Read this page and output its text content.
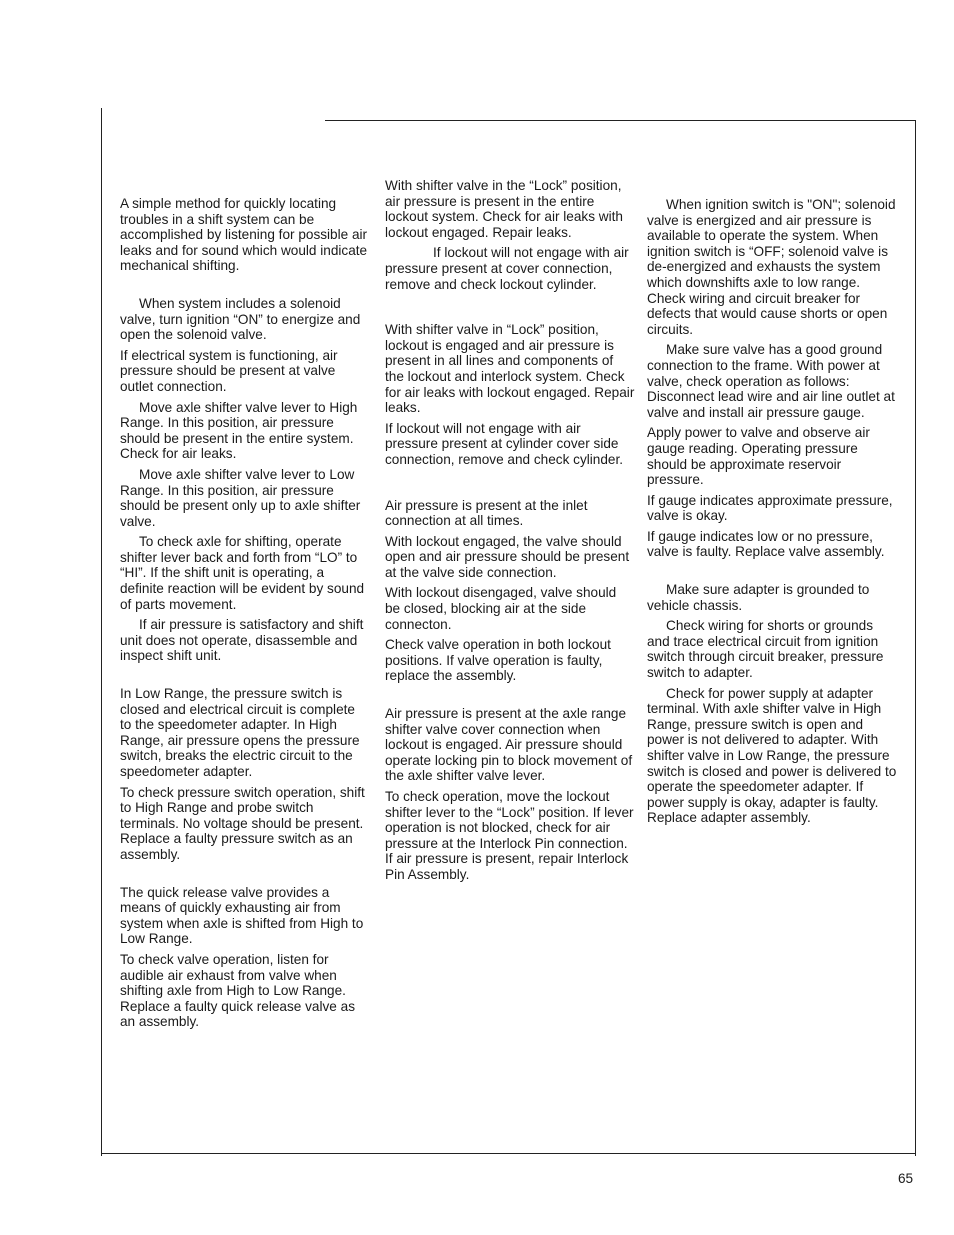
A simple method for quickly locating troubles in a shift system can be accomplished by listening for possible air leaks and for sound which would indicate mechanical shifting.

When system includes a solenoid valve, turn ignition “ON” to energize and open the solenoid valve.

If electrical system is functioning, air pressure should be present at valve outlet connection.

Move axle shifter valve lever to High Range. In this position, air pressure should be present in the entire system. Check for air leaks.

Move axle shifter valve lever to Low Range. In this position, air pressure should be present only up to axle shifter valve.

To check axle for shifting, operate shifter lever back and forth from “LO” to “HI”. If the shift unit is operating, a definite reaction will be evident by sound of parts movement.

If air pressure is satisfactory and shift unit does not operate, disassemble and inspect shift unit.

In Low Range, the pressure switch is closed and electrical circuit is complete to the speedometer adapter. In High Range, air pressure opens the pressure switch, breaks the electric circuit to the speedometer adapter.

To check pressure switch operation, shift to High Range and probe switch terminals. No voltage should be present. Replace a faulty pressure switch as an assembly.

The quick release valve provides a means of quickly exhausting air from system when axle is shifted from High to Low Range.

To check valve operation, listen for audible air exhaust from valve when shifting axle from High to Low Range. Replace a faulty quick release valve as an assembly.

With shifter valve in the “Lock” position, air pressure is present in the entire lockout system. Check for air leaks with lockout engaged. Repair leaks.

If lockout will not engage with air pressure present at cover connection, remove and check lockout cylinder.

With shifter valve in “Lock” position, lockout is engaged and air pressure is present in all lines and components of the lockout and interlock system. Check for air leaks with lockout engaged. Repair leaks.

If lockout will not engage with air pressure present at cylinder cover side connection, remove and check cylinder.

Air pressure is present at the inlet connection at all times.

With lockout engaged, the valve should open and air pressure should be present at the valve side connection.

With lockout disengaged, valve should be closed, blocking air at the side connecton.

Check valve operation in both lockout positions. If valve operation is faulty, replace the assembly.

Air pressure is present at the axle range shifter valve cover connection when lockout is engaged. Air pressure should operate locking pin to block movement of the axle shifter valve lever.

To check operation, move the lockout shifter lever to the “Lock” position. If lever operation is not blocked, check for air pressure at the Interlock Pin connection. If air pressure is present, repair Interlock Pin Assembly.

When ignition switch is "ON"; solenoid valve is energized and air pressure is available to operate the system. When ignition switch is “OFF; solenoid valve is de-energized and exhausts the system which downshifts axle to low range. Check wiring and circuit breaker for defects that would cause shorts or open circuits.

Make sure valve has a good ground connection to the frame. With power at valve, check operation as follows: Disconnect lead wire and air line outlet at valve and install air pressure gauge.

Apply power to valve and observe air gauge reading. Operating pressure should be approximate reservoir pressure.

If gauge indicates approximate pressure, valve is okay.

If gauge indicates low or no pressure, valve is faulty. Replace valve assembly.

Make sure adapter is grounded to vehicle chassis.

Check wiring for shorts or grounds and trace electrical circuit from ignition switch through circuit breaker, pressure switch to adapter.

Check for power supply at adapter terminal. With axle shifter valve in High Range, pressure switch is open and power is not delivered to adapter. With shifter valve in Low Range, the pressure switch is closed and power is delivered to operate the speedometer adapter. If power supply is okay, adapter is faulty. Replace adapter assembly.

65
